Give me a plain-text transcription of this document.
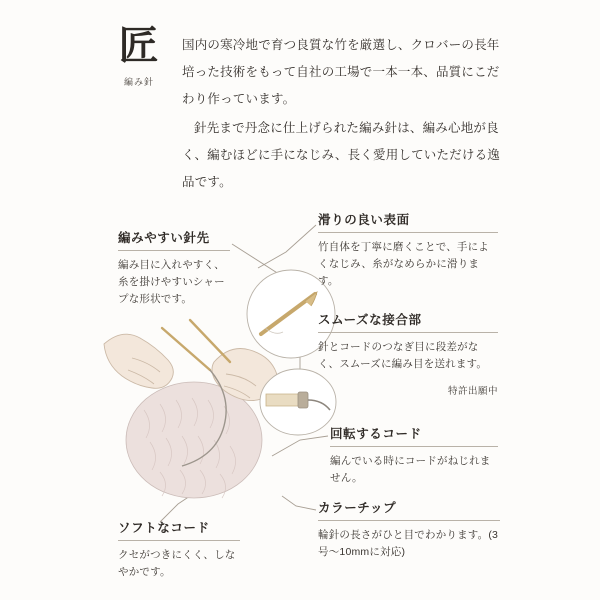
匠
編み針

国内の寒冷地で育つ良質な竹を厳選し、クロバーの長年培った技術をもって自社の工場で一本一本、品質にこだわり作っています。

針先まで丹念に仕上げられた編み針は、編み心地が良く、編むほどに手になじみ、長く愛用していただける逸品です。

編みやすい針先
編み目に入れやすく、糸を掛けやすいシャープな形状です。
滑りの良い表面
竹自体を丁寧に磨くことで、手によくなじみ、糸がなめらかに滑ります。
スムーズな接合部
針とコードのつなぎ目に段差がなく、スムーズに編み目を送れます。
特許出願中
回転するコード
編んでいる時にコードがねじれません。
カラーチップ
輪針の長さがひと目でわかります。(3号〜10mmに対応)
ソフトなコード
クセがつきにくく、しなやかです。
